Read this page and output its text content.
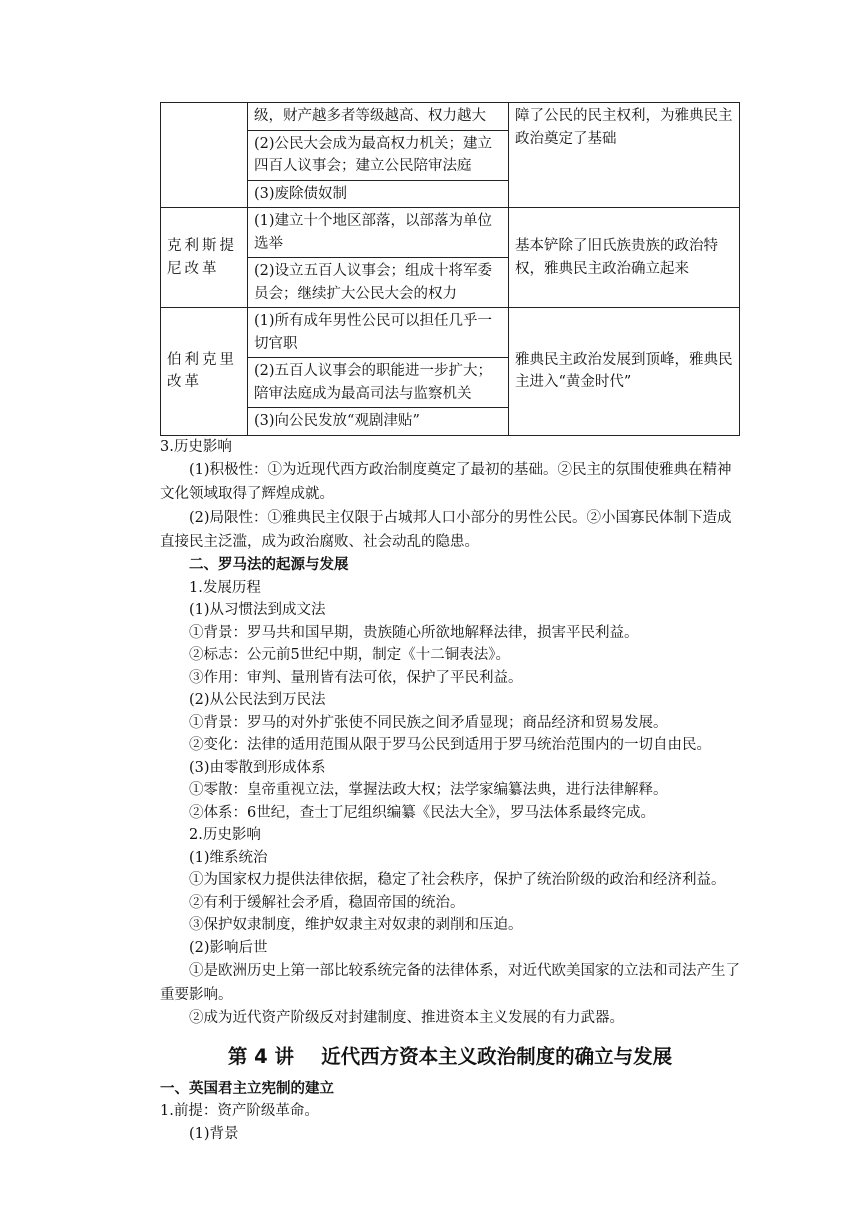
	级，财产越多者等级越高、权力越大	障了公民的民主权利，为雅典民主政治奠定了基础
	(2)公民大会成为最高权力机关；建立四百人议事会；建立公民陪审法庭	
	(3)废除债奴制	
克利斯提尼改革	(1)建立十个地区部落，以部落为单位选举	基本铲除了旧氏族贵族的政治特权，雅典民主政治确立起来
	(2)设立五百人议事会；组成十将军委员会；继续扩大公民大会的权力	
伯利克里改革	(1)所有成年男性公民可以担任几乎一切官职	雅典民主政治发展到顶峰，雅典民主进入“黄金时代”
	(2)五百人议事会的职能进一步扩大；陪审法庭成为最高司法与监察机关	
	(3)向公民发放“观剧津贴”	

3.历史影响

(1)积极性：①为近现代西方政治制度奠定了最初的基础。②民主的氛围使雅典在精神文化领域取得了辉煌成就。

(2)局限性：①雅典民主仅限于占城邦人口小部分的男性公民。②小国寡民体制下造成直接民主泛滥，成为政治腐败、社会动乱的隐患。

二、罗马法的起源与发展

1.发展历程

(1)从习惯法到成文法

①背景：罗马共和国早期，贵族随心所欲地解释法律，损害平民利益。

②标志：公元前5世纪中期，制定《十二铜表法》。

③作用：审判、量刑皆有法可依，保护了平民利益。

(2)从公民法到万民法

①背景：罗马的对外扩张使不同民族之间矛盾显现；商品经济和贸易发展。

②变化：法律的适用范围从限于罗马公民到适用于罗马统治范围内的一切自由民。

(3)由零散到形成体系

①零散：皇帝重视立法，掌握法政大权；法学家编纂法典，进行法律解释。

②体系：6世纪，查士丁尼组织编纂《民法大全》，罗马法体系最终完成。

2.历史影响

(1)维系统治

①为国家权力提供法律依据，稳定了社会秩序，保护了统治阶级的政治和经济利益。

②有利于缓解社会矛盾，稳固帝国的统治。

③保护奴隶制度，维护奴隶主对奴隶的剥削和压迫。

(2)影响后世

①是欧洲历史上第一部比较系统完备的法律体系，对近代欧美国家的立法和司法产生了重要影响。

②成为近代资产阶级反对封建制度、推进资本主义发展的有力武器。

第 4 讲    近代西方资本主义政治制度的确立与发展

一、英国君主立宪制的建立

1.前提：资产阶级革命。

(1)背景
